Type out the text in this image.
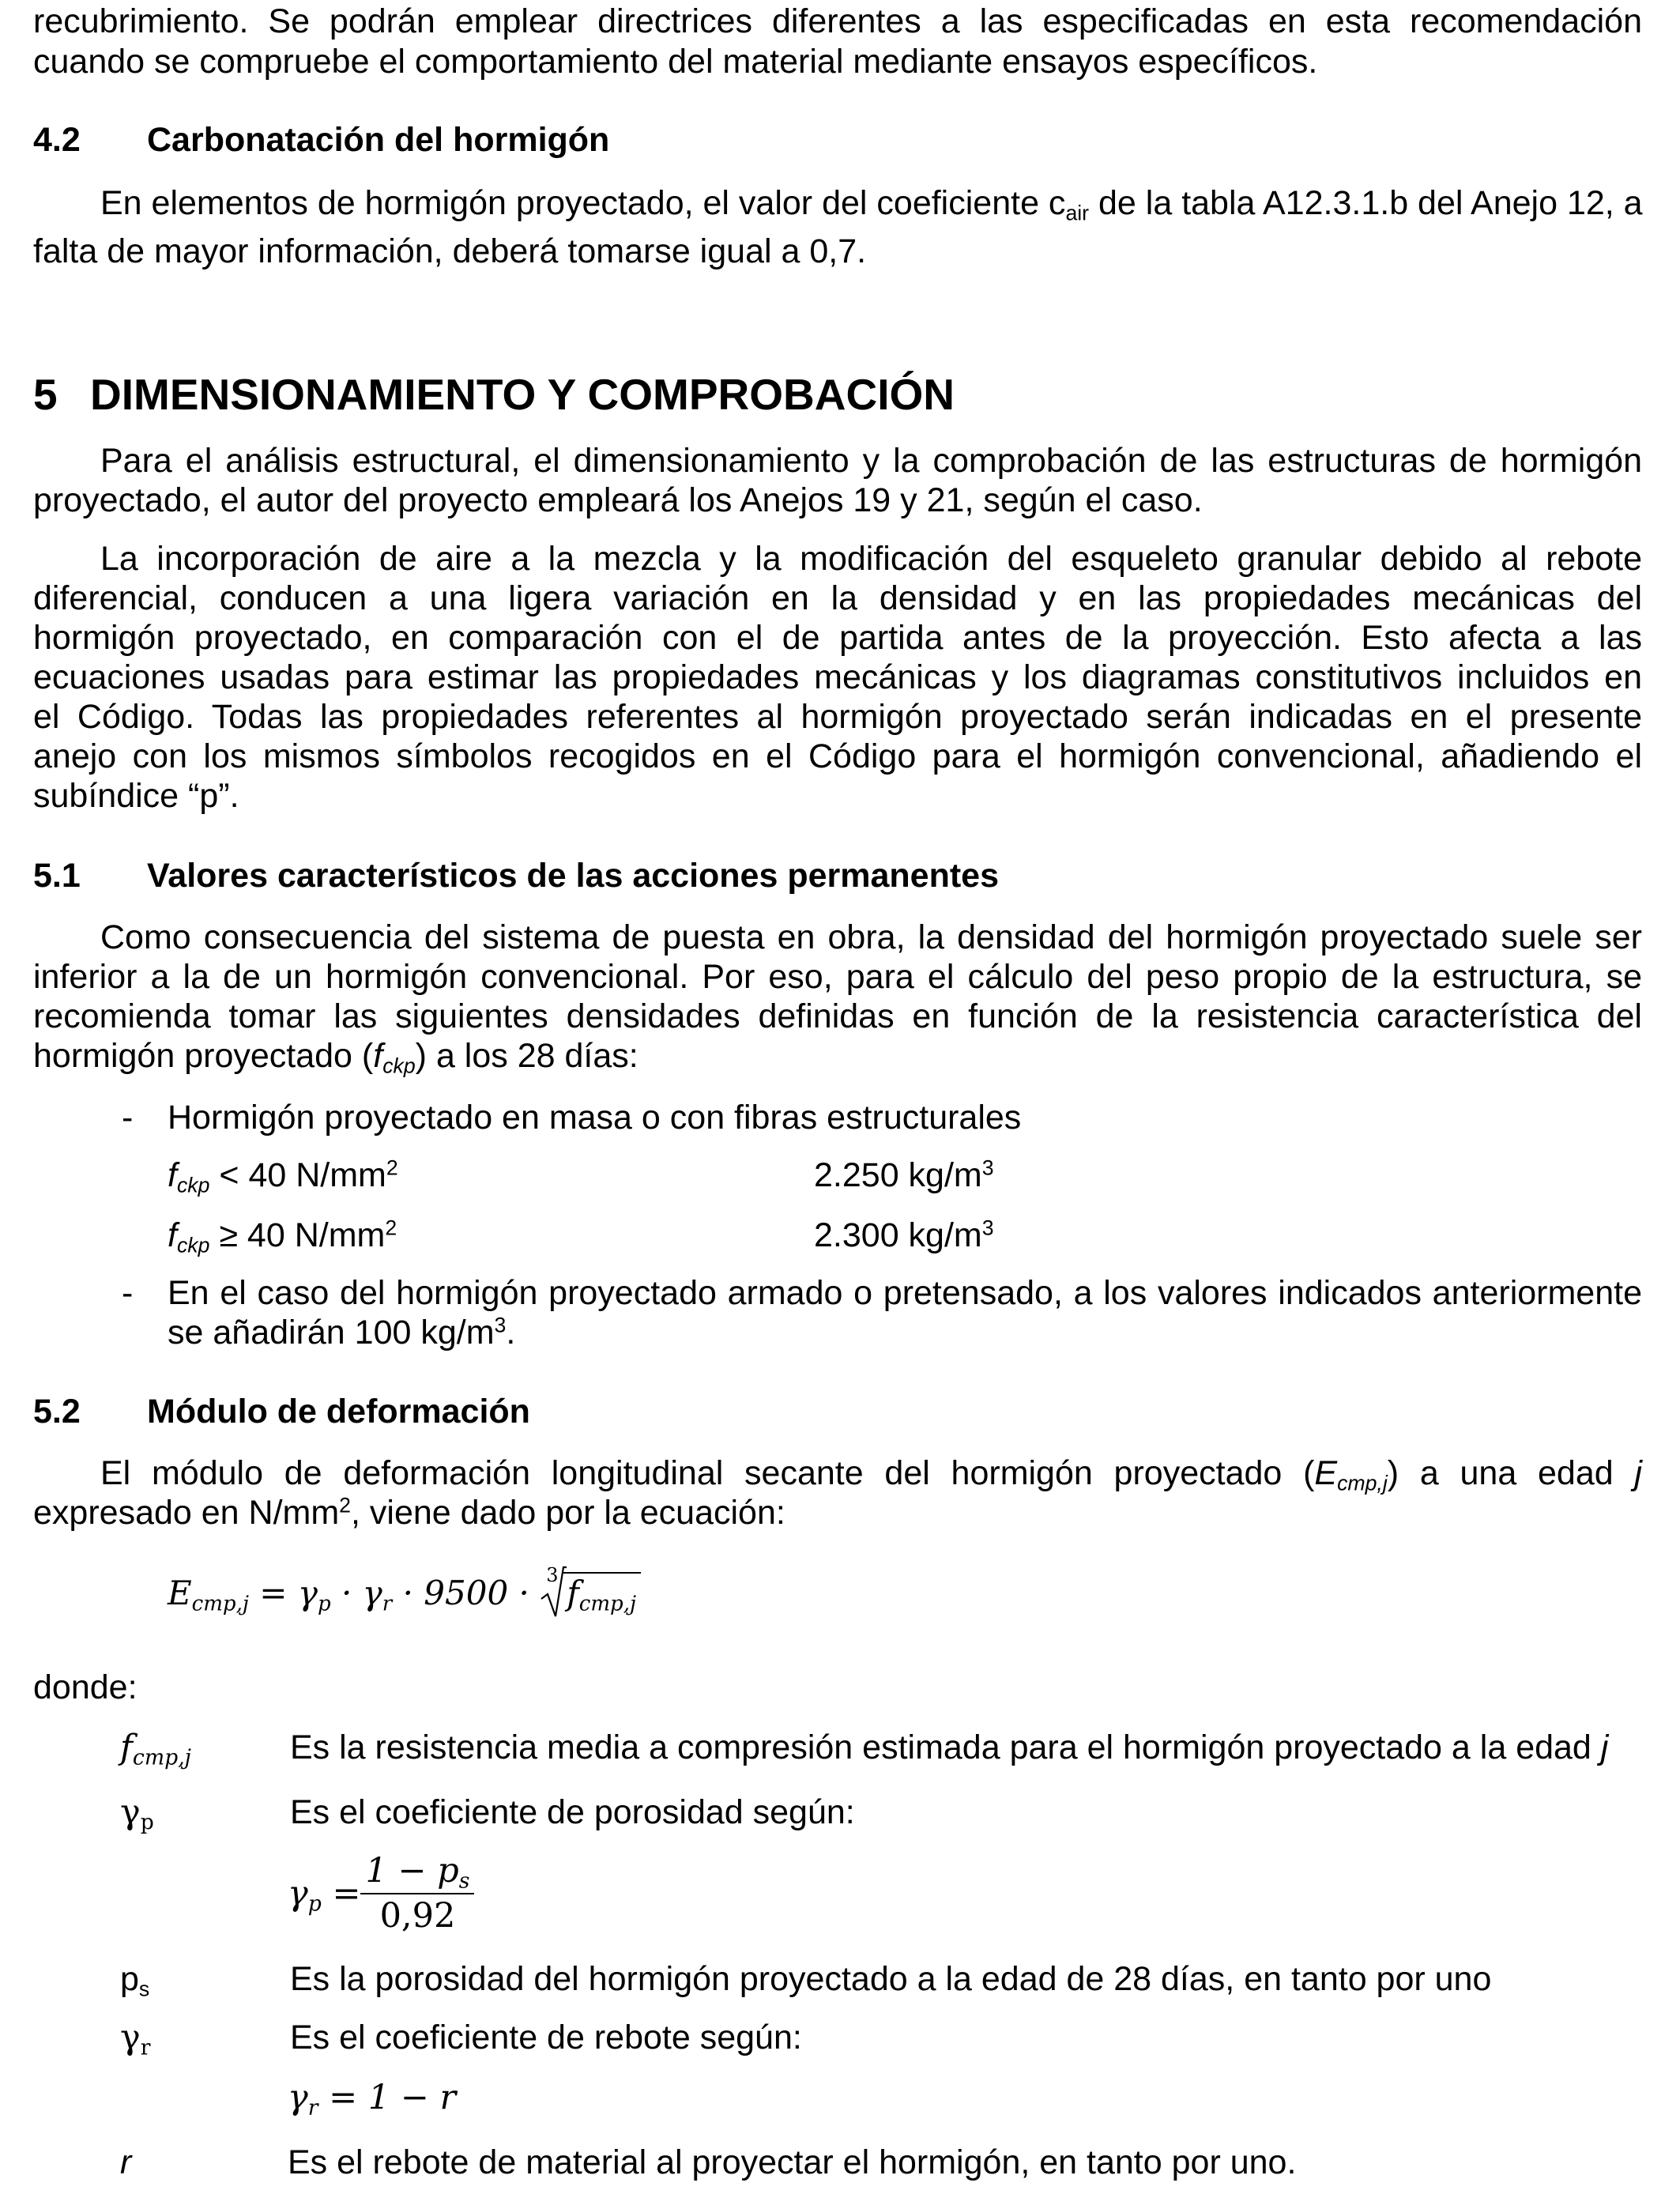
recubrimiento. Se podrán emplear directrices diferentes a las especificadas en esta recomendación
cuando se compruebe el comportamiento del material mediante ensayos específicos.
4.2 Carbonatación del hormigón
En elementos de hormigón proyectado, el valor del coeficiente $c_{air}$ de la tabla A12.3.1.b del Anejo 12, a
falta de mayor información, deberá tomarse igual a 0,7.
5 DIMENSIONAMIENTO Y COMPROBACIÓN
Para el análisis estructural, el dimensionamiento y la comprobación de las estructuras de hormigón
proyectado, el autor del proyecto empleará los Anejos 19 y 21, según el caso.
La incorporación de aire a la mezcla y la modificación del esqueleto granular debido al rebote
diferencial, conducen a una ligera variación en la densidad y en las propiedades mecánicas del
hormigón proyectado, en comparación con el de partida antes de la proyección. Esto afecta a las
ecuaciones usadas para estimar las propiedades mecánicas y los diagramas constitutivos incluidos en
el Código. Todas las propiedades referentes al hormigón proyectado serán indicadas en el presente
anejo con los mismos símbolos recogidos en el Código para el hormigón convencional, añadiendo el
subíndice “p”.
5.1 Valores característicos de las acciones permanentes
Como consecuencia del sistema de puesta en obra, la densidad del hormigón proyectado suele ser
inferior a la de un hormigón convencional. Por eso, para el cálculo del peso propio de la estructura, se
recomienda tomar las siguientes densidades definidas en función de la resistencia característica del
hormigón proyectado $(f_{ckp})$ a los 28 días:
- Hormigón proyectado en masa o con fibras estructurales
$f_{ckp} < 40$ $N/mm^2$	2.250 $kg/m^3$
$f_{ckp} \ge 40$ $N/mm^2$	2.300 $kg/m^3$
- En el caso del hormigón proyectado armado o pretensado, a los valores indicados anteriormente
se añadirán 100 $kg/m^3$.
5.2 Módulo de deformación
El módulo de deformación longitudinal secante del hormigón proyectado $(E_{cmp,j})$ a una edad j
expresado en $N/mm^2$, viene dado por la ecuación:
$E_{cmp,j} = \gamma_p \cdot \gamma_r \cdot 9500 \cdot 3$ $f_{cmp,j}$
donde:
$f_{cmp,j}$	Es la resistencia media a compresión estimada para el hormigón proyectado a la edad j
$\gamma_p$	Es el coeficiente de porosidad según:
$\gamma_p = \frac{1 - p_s}{0,92}$
$p_s$	Es la porosidad del hormigón proyectado a la edad de 28 días, en tanto por uno
$\gamma_r$	Es el coeficiente de rebote según:
$\gamma_r = 1 - r$
r	Es el rebote de material al proyectar el hormigón, en tanto por uno.
